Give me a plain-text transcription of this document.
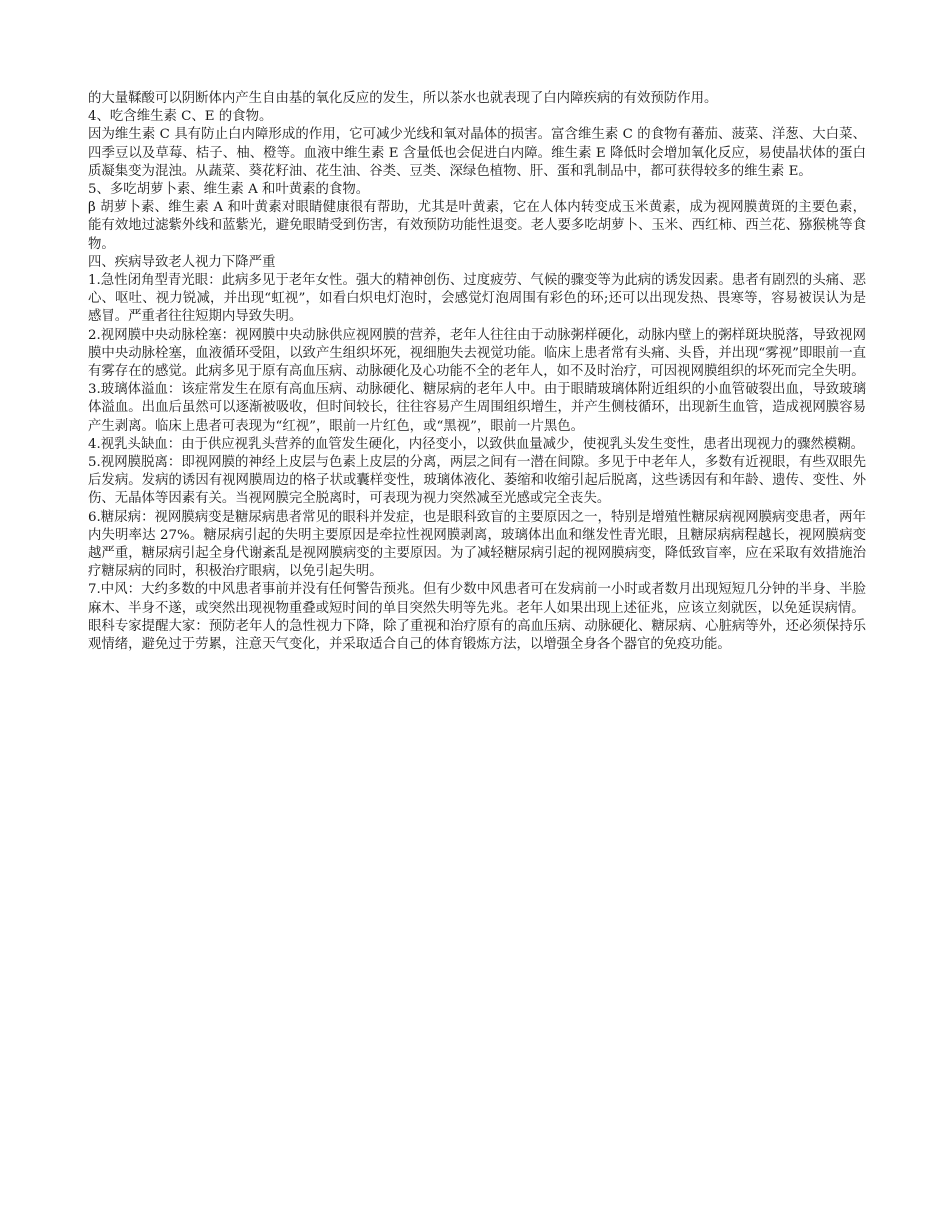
的大量鞣酸可以阴断体内产生自由基的氧化反应的发生，所以茶水也就表现了白内障疾病的有效预防作用。

4、吃含维生素 C、E 的食物。

因为维生素 C 具有防止白内障形成的作用，它可减少光线和氧对晶体的损害。富含维生素 C 的食物有蕃茄、菠菜、洋葱、大白菜、四季豆以及草莓、桔子、柚、橙等。血液中维生素 E 含量低也会促进白内障。维生素 E 降低时会增加氧化反应，易使晶状体的蛋白质凝集变为混浊。从蔬菜、葵花籽油、花生油、谷类、豆类、深绿色植物、肝、蛋和乳制品中，都可获得较多的维生素 E。

5、多吃胡萝卜素、维生素 A 和叶黄素的食物。

β 胡萝卜素、维生素 A 和叶黄素对眼睛健康很有帮助，尤其是叶黄素，它在人体内转变成玉米黄素，成为视网膜黄斑的主要色素，能有效地过滤紫外线和蓝紫光，避免眼睛受到伤害，有效预防功能性退变。老人要多吃胡萝卜、玉米、西红柿、西兰花、猕猴桃等食物。

四、疾病导致老人视力下降严重

1.急性闭角型青光眼：此病多见于老年女性。强大的精神创伤、过度疲劳、气候的骤变等为此病的诱发因素。患者有剧烈的头痛、恶心、呕吐、视力锐减，并出现“虹视”，如看白炽电灯泡时，会感觉灯泡周围有彩色的环;还可以出现发热、畏寒等，容易被误认为是感冒。严重者往往短期内导致失明。

2.视网膜中央动脉栓塞：视网膜中央动脉供应视网膜的营养，老年人往往由于动脉粥样硬化，动脉内壁上的粥样斑块脱落，导致视网膜中央动脉栓塞，血液循环受阻，以致产生组织坏死，视细胞失去视觉功能。临床上患者常有头痛、头昏，并出现“雾视”即眼前一直有雾存在的感觉。此病多见于原有高血压病、动脉硬化及心功能不全的老年人，如不及时治疗，可因视网膜组织的坏死而完全失明。

3.玻璃体溢血：该症常发生在原有高血压病、动脉硬化、糖尿病的老年人中。由于眼睛玻璃体附近组织的小血管破裂出血，导致玻璃体溢血。出血后虽然可以逐渐被吸收，但时间较长，往往容易产生周围组织增生，并产生侧枝循环，出现新生血管，造成视网膜容易产生剥离。临床上患者可表现为“红视”，眼前一片红色，或“黑视”，眼前一片黑色。

4.视乳头缺血：由于供应视乳头营养的血管发生硬化，内径变小，以致供血量减少，使视乳头发生变性，患者出现视力的骤然模糊。

5.视网膜脱离：即视网膜的神经上皮层与色素上皮层的分离，两层之间有一潜在间隙。多见于中老年人，多数有近视眼，有些双眼先后发病。发病的诱因有视网膜周边的格子状或囊样变性，玻璃体液化、萎缩和收缩引起后脱离，这些诱因有和年龄、遗传、变性、外伤、无晶体等因素有关。当视网膜完全脱离时，可表现为视力突然减至光感或完全丧失。

6.糖尿病：视网膜病变是糖尿病患者常见的眼科并发症，也是眼科致盲的主要原因之一，特别是增殖性糖尿病视网膜病变患者，两年内失明率达 27%。糖尿病引起的失明主要原因是牵拉性视网膜剥离，玻璃体出血和继发性青光眼，且糖尿病病程越长，视网膜病变越严重，糖尿病引起全身代谢紊乱是视网膜病变的主要原因。为了减轻糖尿病引起的视网膜病变，降低致盲率，应在采取有效措施治疗糖尿病的同时，积极治疗眼病，以免引起失明。

7.中风：大约多数的中风患者事前并没有任何警告预兆。但有少数中风患者可在发病前一小时或者数月出现短短几分钟的半身、半脸麻木、半身不遂，或突然出现视物重叠或短时间的单目突然失明等先兆。老年人如果出现上述征兆，应该立刻就医，以免延误病情。

眼科专家提醒大家：预防老年人的急性视力下降，除了重视和治疗原有的高血压病、动脉硬化、糖尿病、心脏病等外，还必须保持乐观情绪，避免过于劳累，注意天气变化，并采取适合自己的体育锻炼方法，以增强全身各个器官的免疫功能。
